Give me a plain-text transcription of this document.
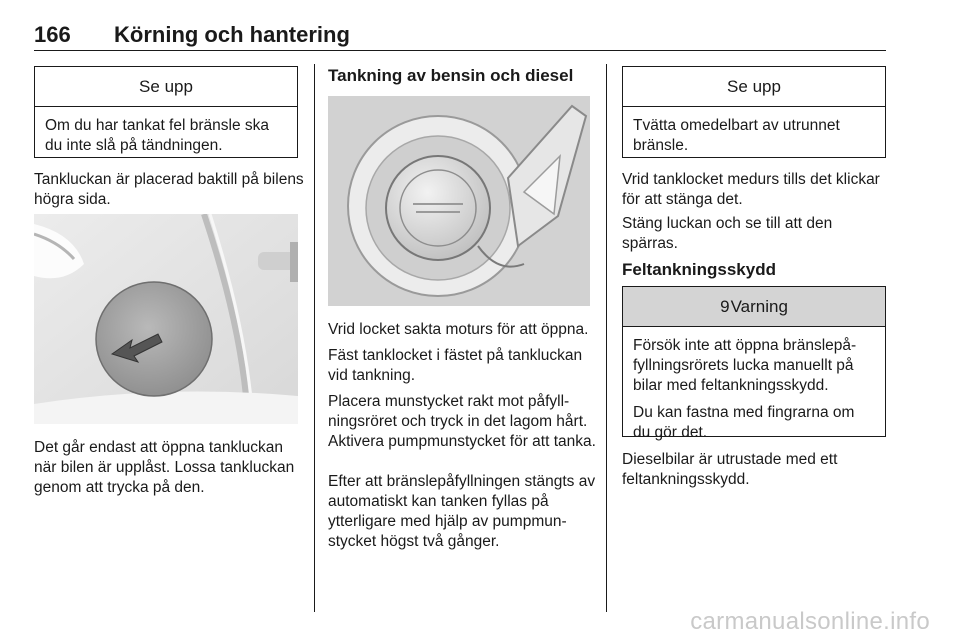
166 Körning och hantering
Se upp

Om du har tankat fel bränsle ska du inte slå på tändningen.

Tankluckan är placerad baktill på bilens högra sida.

Det går endast att öppna tankluckan när bilen är upplåst. Lossa tankluckan genom att trycka på den.

Tankning av bensin och diesel

Vrid locket sakta moturs för att öppna.

Fäst tanklocket i fästet på tankluckan vid tankning.

Placera munstycket rakt mot påfyll-ningsröret och tryck in det lagom hårt.

Aktivera pumpmunstycket för att tanka.

Efter att bränslepåfyllningen stängts av automatiskt kan tanken fyllas på ytterligare med hjälp av pumpmun-stycket högst två gånger.

Se upp

Tvätta omedelbart av utrunnet bränsle.

Vrid tanklocket medurs tills det klickar för att stänga det.

Stäng luckan och se till att den spärras.

Feltankningsskydd

9 Varning

Försök inte att öppna bränslepå-fyllningsrörets lucka manuellt på bilar med feltankningsskydd.

Du kan fastna med fingrarna om du gör det.

Dieselbilar är utrustade med ett feltankningsskydd.

carmanualsonline.info
